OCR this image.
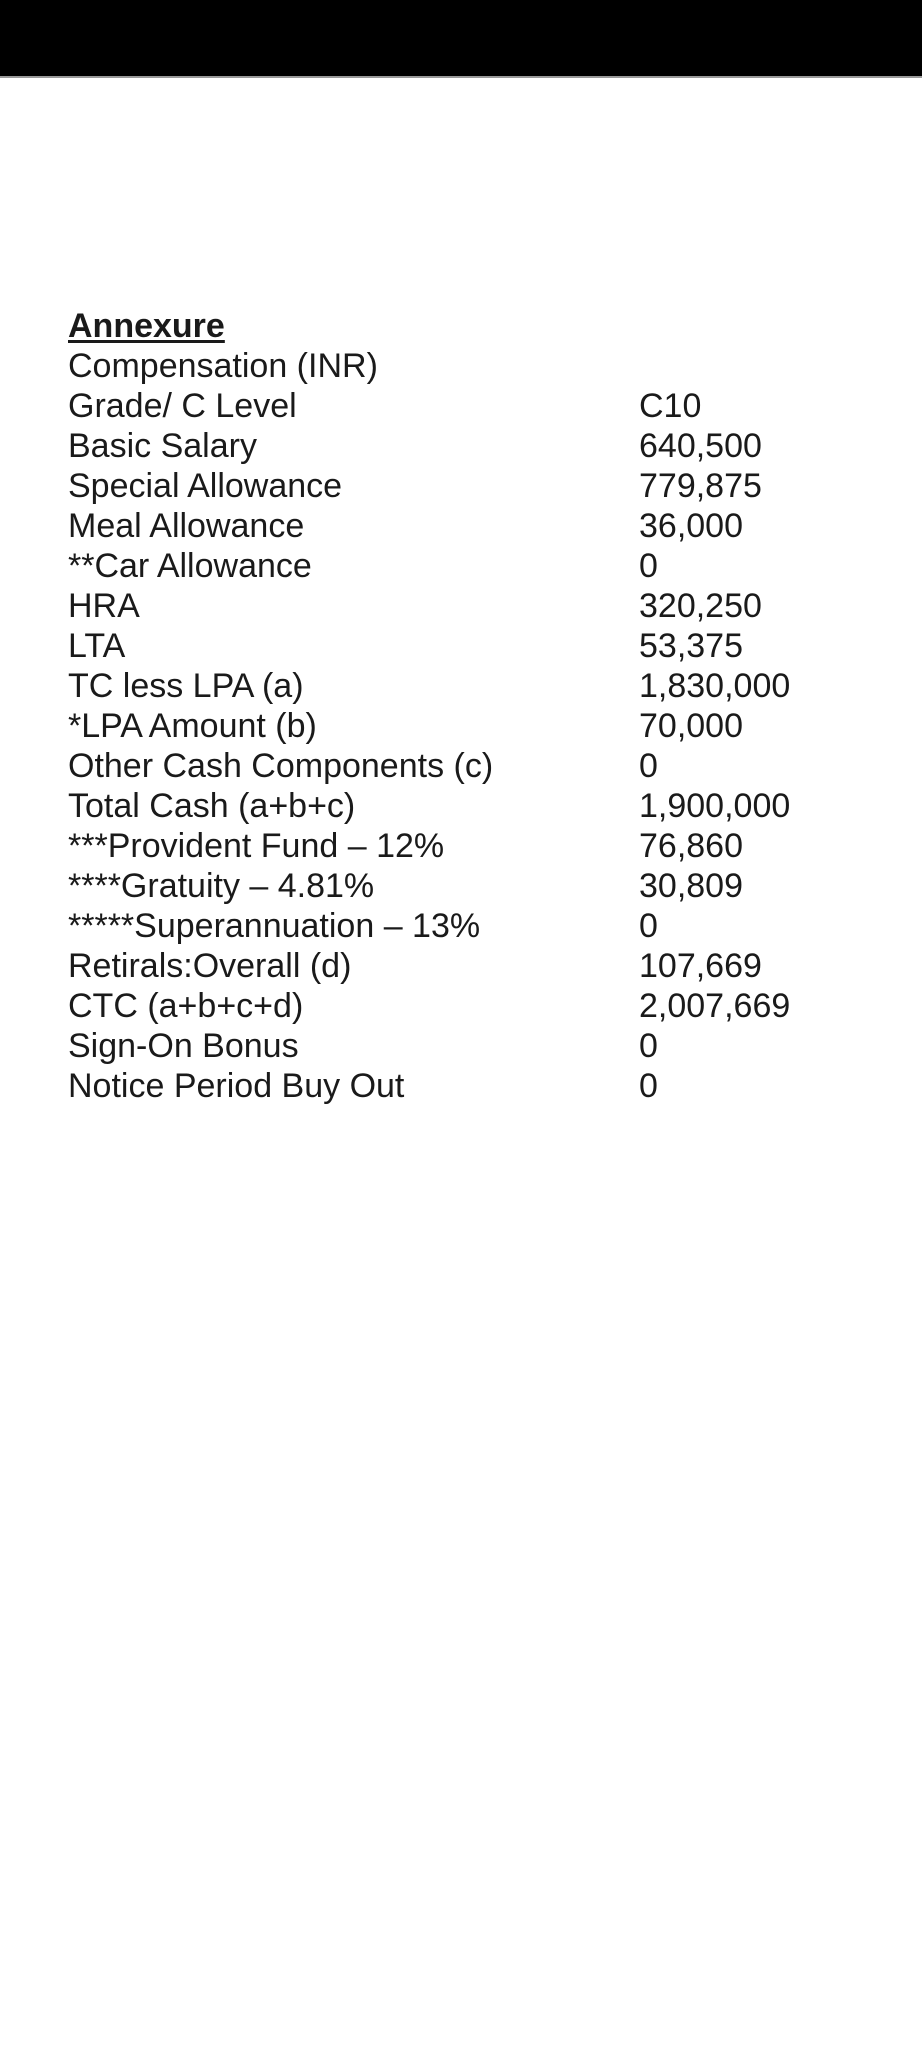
Annexure
Compensation (INR)
Grade/ C Level	C10
Basic Salary	640,500
Special Allowance	779,875
Meal Allowance	36,000
**Car Allowance	0
HRA	320,250
LTA	53,375
TC less LPA (a)	1,830,000
*LPA Amount (b)	70,000
Other Cash Components (c)	0
Total Cash (a+b+c)	1,900,000
***Provident Fund – 12%	76,860
****Gratuity – 4.81%	30,809
*****Superannuation – 13%	0
Retirals:Overall (d)	107,669
CTC (a+b+c+d)	2,007,669
Sign-On Bonus	0
Notice Period Buy Out	0
